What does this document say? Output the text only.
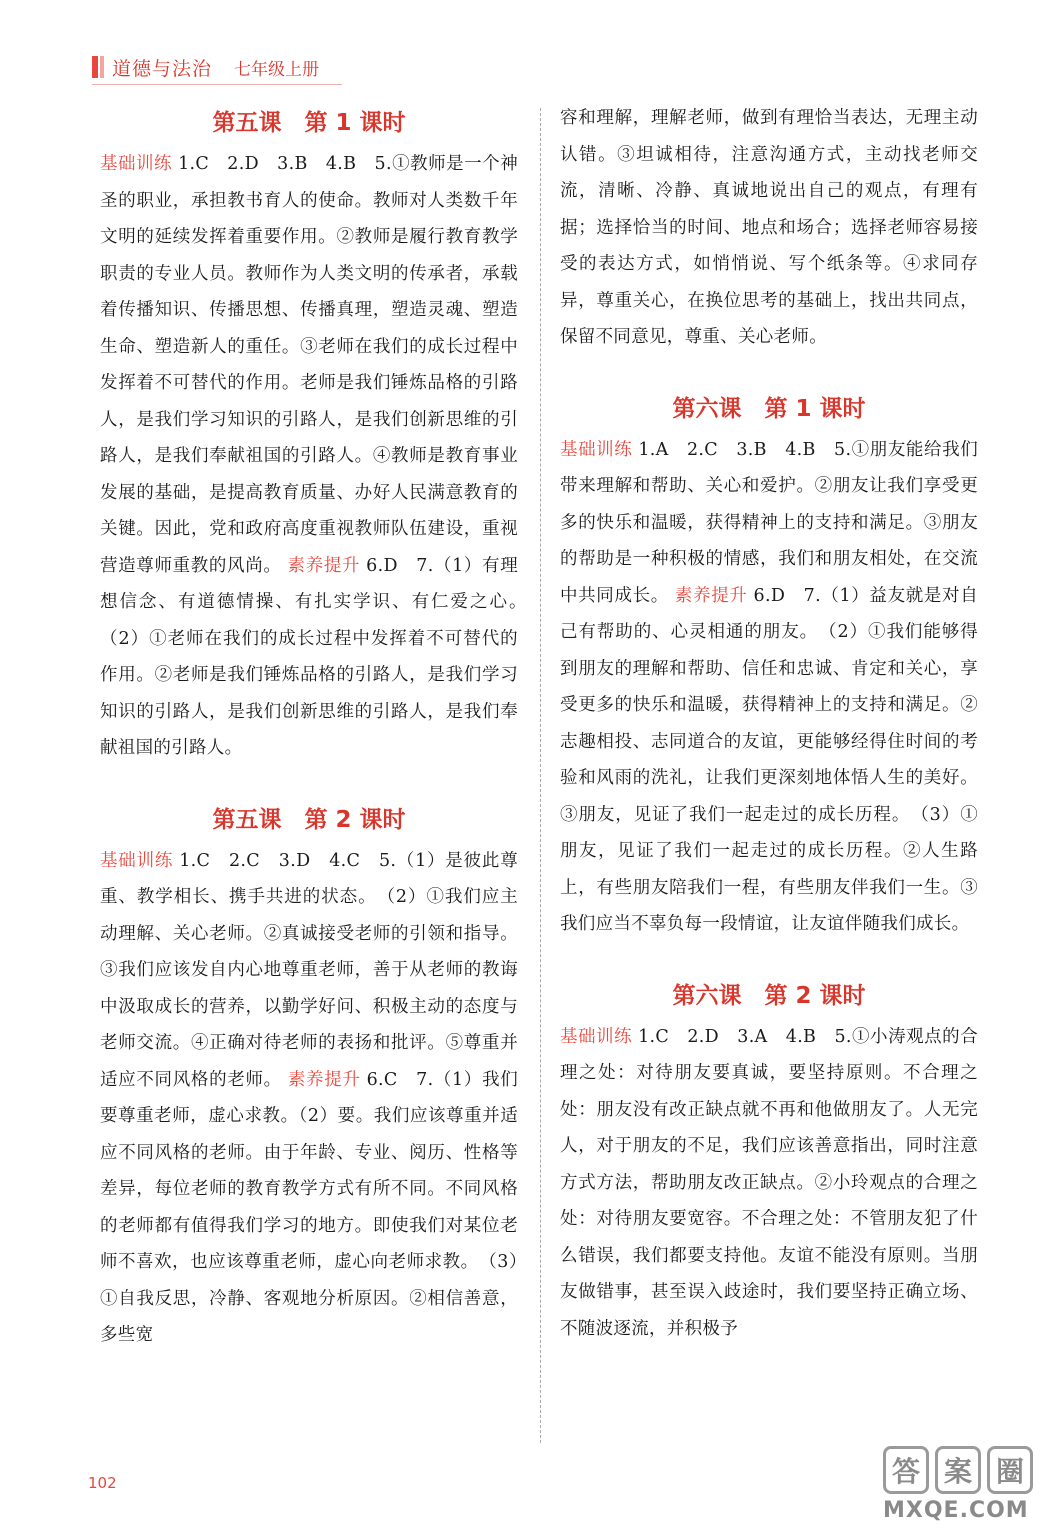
道德与法治 七年级上册
第五课　第 1 课时

基础训练 1.C　2.D　3.B　4.B　5.①教师是一个神圣的职业，承担教书育人的使命。教师对人类数千年文明的延续发挥着重要作用。②教师是履行教育教学职责的专业人员。教师作为人类文明的传承者，承载着传播知识、传播思想、传播真理，塑造灵魂、塑造生命、塑造新人的重任。③老师在我们的成长过程中发挥着不可替代的作用。老师是我们锤炼品格的引路人，是我们学习知识的引路人，是我们创新思维的引路人，是我们奉献祖国的引路人。④教师是教育事业发展的基础，是提高教育质量、办好人民满意教育的关键。因此，党和政府高度重视教师队伍建设，重视营造尊师重教的风尚。 素养提升 6.D　7.（1）有理想信念、有道德情操、有扎实学识、有仁爱之心。　（2）①老师在我们的成长过程中发挥着不可替代的作用。②老师是我们锤炼品格的引路人，是我们学习知识的引路人，是我们创新思维的引路人，是我们奉献祖国的引路人。

第五课　第 2 课时

基础训练 1.C　2.C　3.D　4.C　5.（1）是彼此尊重、教学相长、携手共进的状态。　（2）①我们应主动理解、关心老师。②真诚接受老师的引领和指导。③我们应该发自内心地尊重老师，善于从老师的教诲中汲取成长的营养，以勤学好问、积极主动的态度与老师交流。④正确对待老师的表扬和批评。⑤尊重并适应不同风格的老师。 素养提升 6.C　7.（1）我们要尊重老师，虚心求教。（2）要。我们应该尊重并适应不同风格的老师。由于年龄、专业、阅历、性格等差异，每位老师的教育教学方式有所不同。不同风格的老师都有值得我们学习的地方。即使我们对某位老师不喜欢，也应该尊重老师，虚心向老师求教。　（3）①自我反思，冷静、客观地分析原因。②相信善意，多些宽

容和理解，理解老师，做到有理恰当表达，无理主动认错。③坦诚相待，注意沟通方式，主动找老师交流，清晰、冷静、真诚地说出自己的观点，有理有据；选择恰当的时间、地点和场合；选择老师容易接受的表达方式，如悄悄说、写个纸条等。④求同存异，尊重关心，在换位思考的基础上，找出共同点，保留不同意见，尊重、关心老师。

第六课　第 1 课时

基础训练 1.A　2.C　3.B　4.B　5.①朋友能给我们带来理解和帮助、关心和爱护。②朋友让我们享受更多的快乐和温暖，获得精神上的支持和满足。③朋友的帮助是一种积极的情感，我们和朋友相处，在交流中共同成长。 素养提升 6.D　7.（1）益友就是对自己有帮助的、心灵相通的朋友。　（2）①我们能够得到朋友的理解和帮助、信任和忠诚、肯定和关心，享受更多的快乐和温暖，获得精神上的支持和满足。②志趣相投、志同道合的友谊，更能够经得住时间的考验和风雨的洗礼，让我们更深刻地体悟人生的美好。③朋友，见证了我们一起走过的成长历程。　（3）①朋友，见证了我们一起走过的成长历程。②人生路上，有些朋友陪我们一程，有些朋友伴我们一生。③我们应当不辜负每一段情谊，让友谊伴随我们成长。

第六课　第 2 课时

基础训练 1.C　2.D　3.A　4.B　5.①小涛观点的合理之处：对待朋友要真诚，要坚持原则。不合理之处：朋友没有改正缺点就不再和他做朋友了。人无完人，对于朋友的不足，我们应该善意指出，同时注意方式方法，帮助朋友改正缺点。②小玲观点的合理之处：对待朋友要宽容。不合理之处：不管朋友犯了什么错误，我们都要支持他。友谊不能没有原则。当朋友做错事，甚至误入歧途时，我们要坚持正确立场、不随波逐流，并积极予

102	答 案 圈
MXQE.COM
